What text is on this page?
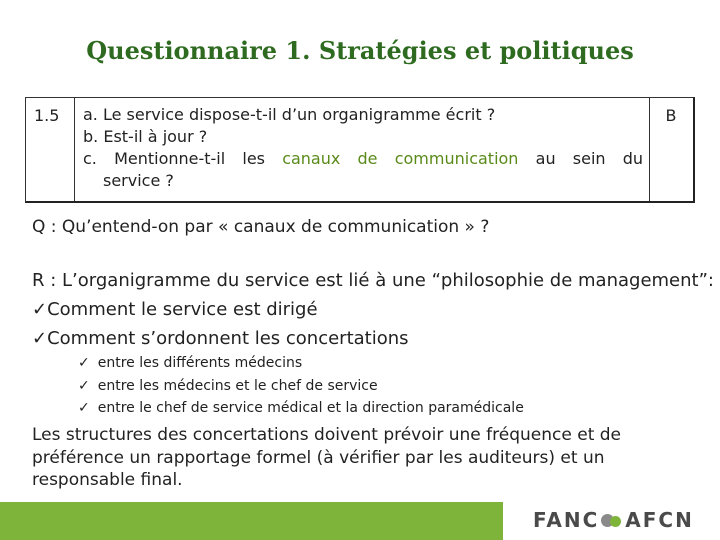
Questionnaire 1. Stratégies et politiques
1.5	a. Le service dispose-t-il d’un organigramme écrit ?
b. Est-il à jour ?
c. Mentionne-t-il les canaux de communication au sein du
service ?
B
Q : Qu’entend-on par « canaux de communication » ?
R : L’organigramme du service est lié à une “philosophie de management”:
✓Comment le service est dirigé
✓Comment s’ordonnent les concertations
✓ entre les différents médecins
✓ entre les médecins et le chef de service
✓ entre le chef de service médical et la direction paramédicale
Les structures des concertations doivent prévoir une fréquence et de préférence un rapportage formel (à vérifier par les auditeurs) et un responsable final.
FANC AFCN
